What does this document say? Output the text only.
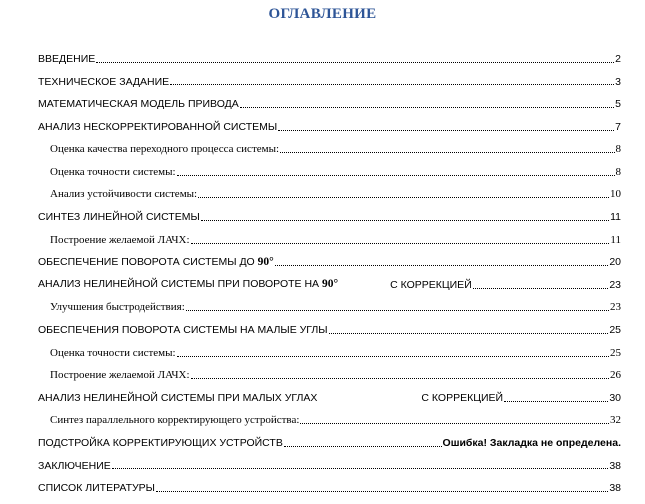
ОГЛАВЛЕНИЕ
ВВЕДЕНИЕ	2
ТЕХНИЧЕСКОЕ ЗАДАНИЕ	3
МАТЕМАТИЧЕСКАЯ МОДЕЛЬ ПРИВОДА	5
АНАЛИЗ НЕСКОРРЕКТИРОВАННОЙ СИСТЕМЫ	7
Оценка качества переходного процесса системы:	8
Оценка точности системы:	8
Анализ устойчивости системы:	10
СИНТЕЗ ЛИНЕЙНОЙ СИСТЕМЫ	11
Построение желаемой ЛАЧХ:	11
ОБЕСПЕЧЕНИЕ ПОВОРОТА СИСТЕМЫ ДО 90°	20
АНАЛИЗ НЕЛИНЕЙНОЙ СИСТЕМЫ ПРИ ПОВОРОТЕ НА 90°	С КОРРЕКЦИЕЙ	23
Улучшения быстродействия:	23
ОБЕСПЕЧЕНИЯ ПОВОРОТА СИСТЕМЫ НА МАЛЫЕ УГЛЫ	25
Оценка точности системы:	25
Построение желаемой ЛАЧХ:	26
АНАЛИЗ НЕЛИНЕЙНОЙ СИСТЕМЫ ПРИ МАЛЫХ УГЛАХ	С КОРРЕКЦИЕЙ	30
Синтез параллельного корректирующего устройства:	32
ПОДСТРОЙКА КОРРЕКТИРУЮЩИХ УСТРОЙСТВ	Ошибка! Закладка не определена.
ЗАКЛЮЧЕНИЕ	38
СПИСОК ЛИТЕРАТУРЫ	38
